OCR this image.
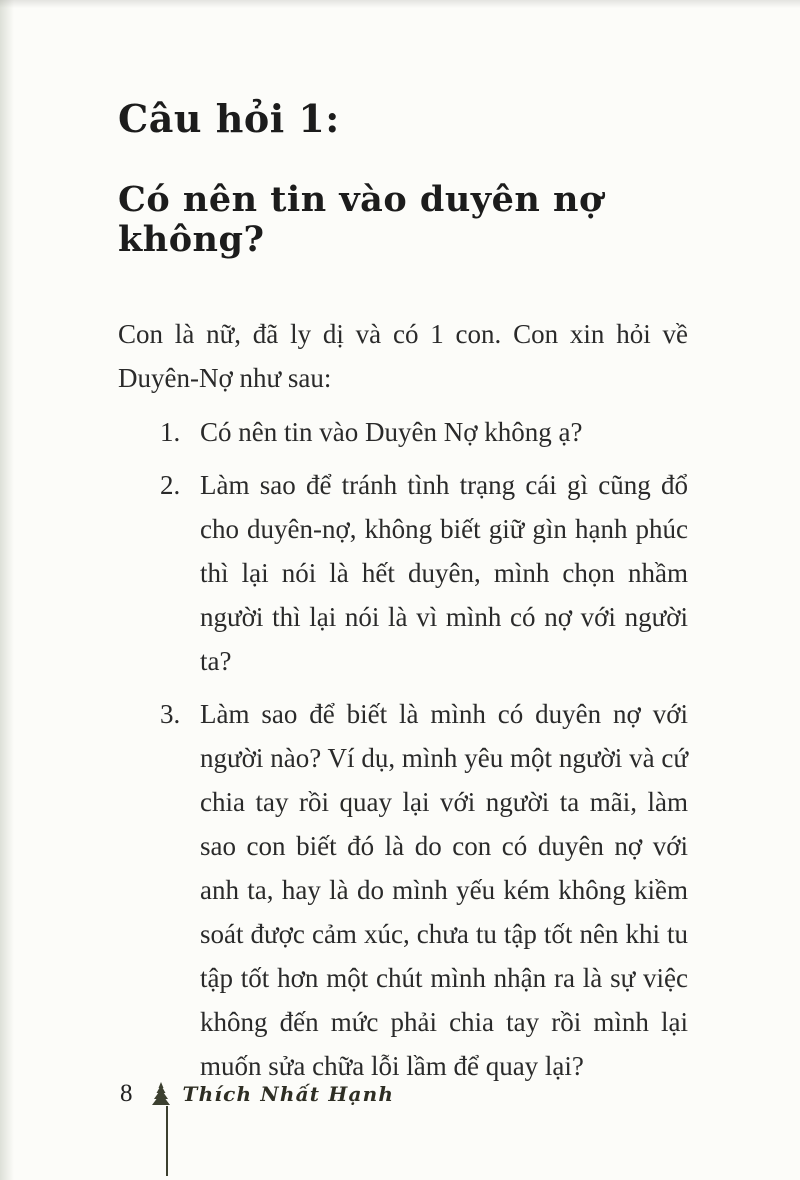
Câu hỏi 1:
Có nên tin vào duyên nợ không?

Con là nữ, đã ly dị và có 1 con. Con xin hỏi về Duyên-Nợ như sau:

1. Có nên tin vào Duyên Nợ không ạ?
2. Làm sao để tránh tình trạng cái gì cũng đổ cho duyên-nợ, không biết giữ gìn hạnh phúc thì lại nói là hết duyên, mình chọn nhầm người thì lại nói là vì mình có nợ với người ta?
3. Làm sao để biết là mình có duyên nợ với người nào? Ví dụ, mình yêu một người và cứ chia tay rồi quay lại với người ta mãi, làm sao con biết đó là do con có duyên nợ với anh ta, hay là do mình yếu kém không kiềm soát được cảm xúc, chưa tu tập tốt nên khi tu tập tốt hơn một chút mình nhận ra là sự việc không đến mức phải chia tay rồi mình lại muốn sửa chữa lỗi lầm để quay lại?
8	Thích Nhất Hạnh
